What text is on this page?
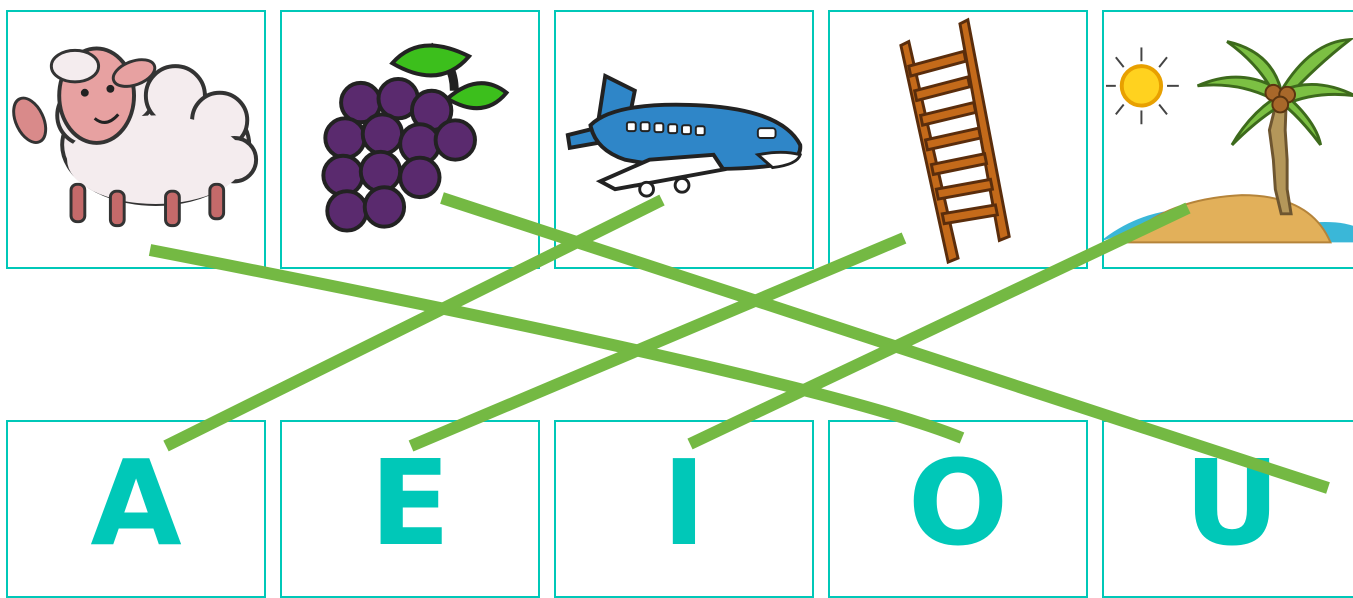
A	E	I	O	U
